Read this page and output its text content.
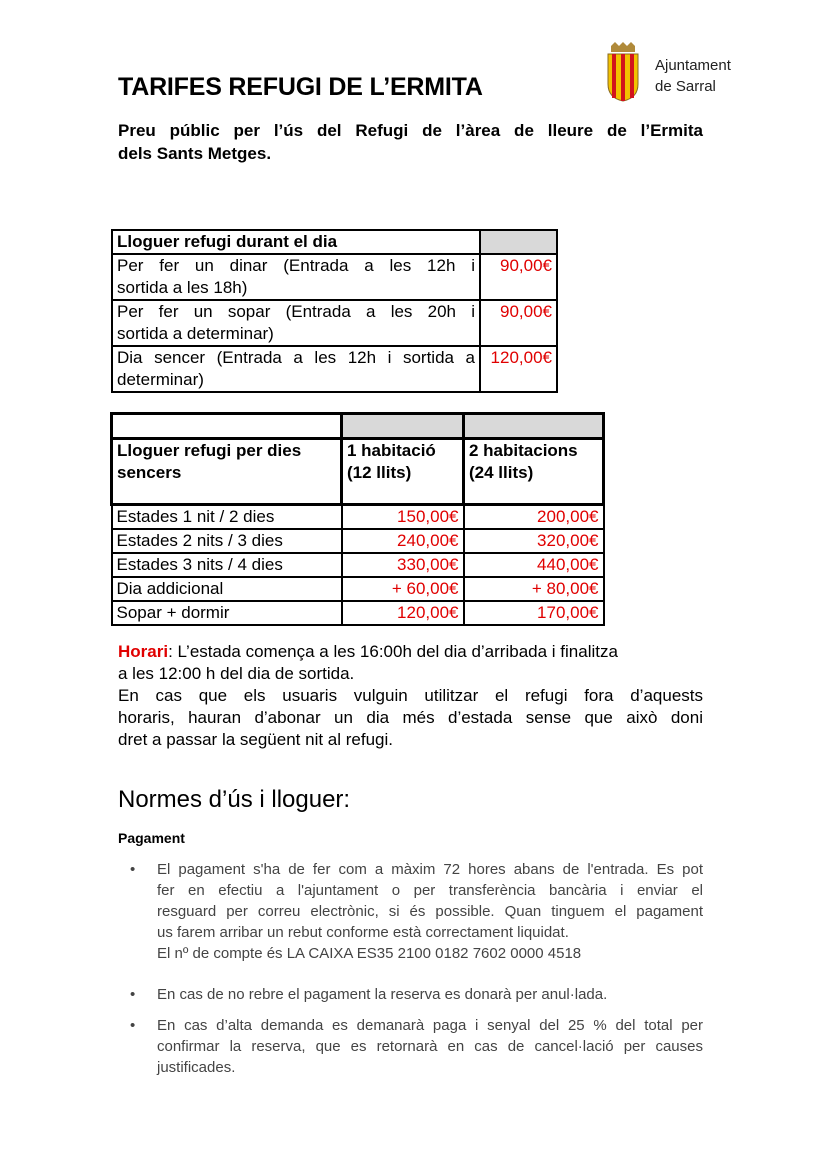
TARIFES REFUGI DE L’ERMITA
Ajuntament
de Sarral
Preu públic per l’ús del Refugi de l’àrea de lleure de l’Ermita
dels Sants Metges.
Lloguer refugi durant el dia	

Per fer un dinar (Entrada a les 12h i
sortida a les 18h)	90,00€

Per fer un sopar (Entrada a les 20h i
sortida a determinar)	90,00€

Dia sencer (Entrada a les 12h i sortida a
determinar)	120,00€

Lloguer refugi per dies sencers	1 habitació (12 llits)	2 habitacions (24 llits)
Estades 1 nit / 2 dies	150,00€	200,00€
Estades 2 nits / 3 dies	240,00€	320,00€
Estades 3 nits / 4 dies	330,00€	440,00€
Dia addicional	+ 60,00€	+ 80,00€
Sopar + dormir	120,00€	170,00€
Horari: L’estada comença a les 16:00h del dia d’arribada i finalitza
a les 12:00 h del dia de sortida.
En cas que els usuaris vulguin utilitzar el refugi fora d’aquests
horaris, hauran d’abonar un dia més d’estada sense que això doni
dret a passar la següent nit al refugi.
Normes d’ús i lloguer:
Pagament
• El pagament s'ha de fer com a màxim 72 hores abans de l'entrada. Es pot
fer en efectiu a l'ajuntament o per transferència bancària i enviar el
resguard per correu electrònic, si és possible. Quan tinguem el pagament
us farem arribar un rebut conforme està correctament liquidat.
El nº de compte és LA CAIXA ES35 2100 0182 7602 0000 4518
• En cas de no rebre el pagament la reserva es donarà per anul·lada.
• En cas d’alta demanda es demanarà paga i senyal del 25 % del total per
confirmar la reserva, que es retornarà en cas de cancel·lació per causes
justificades.
